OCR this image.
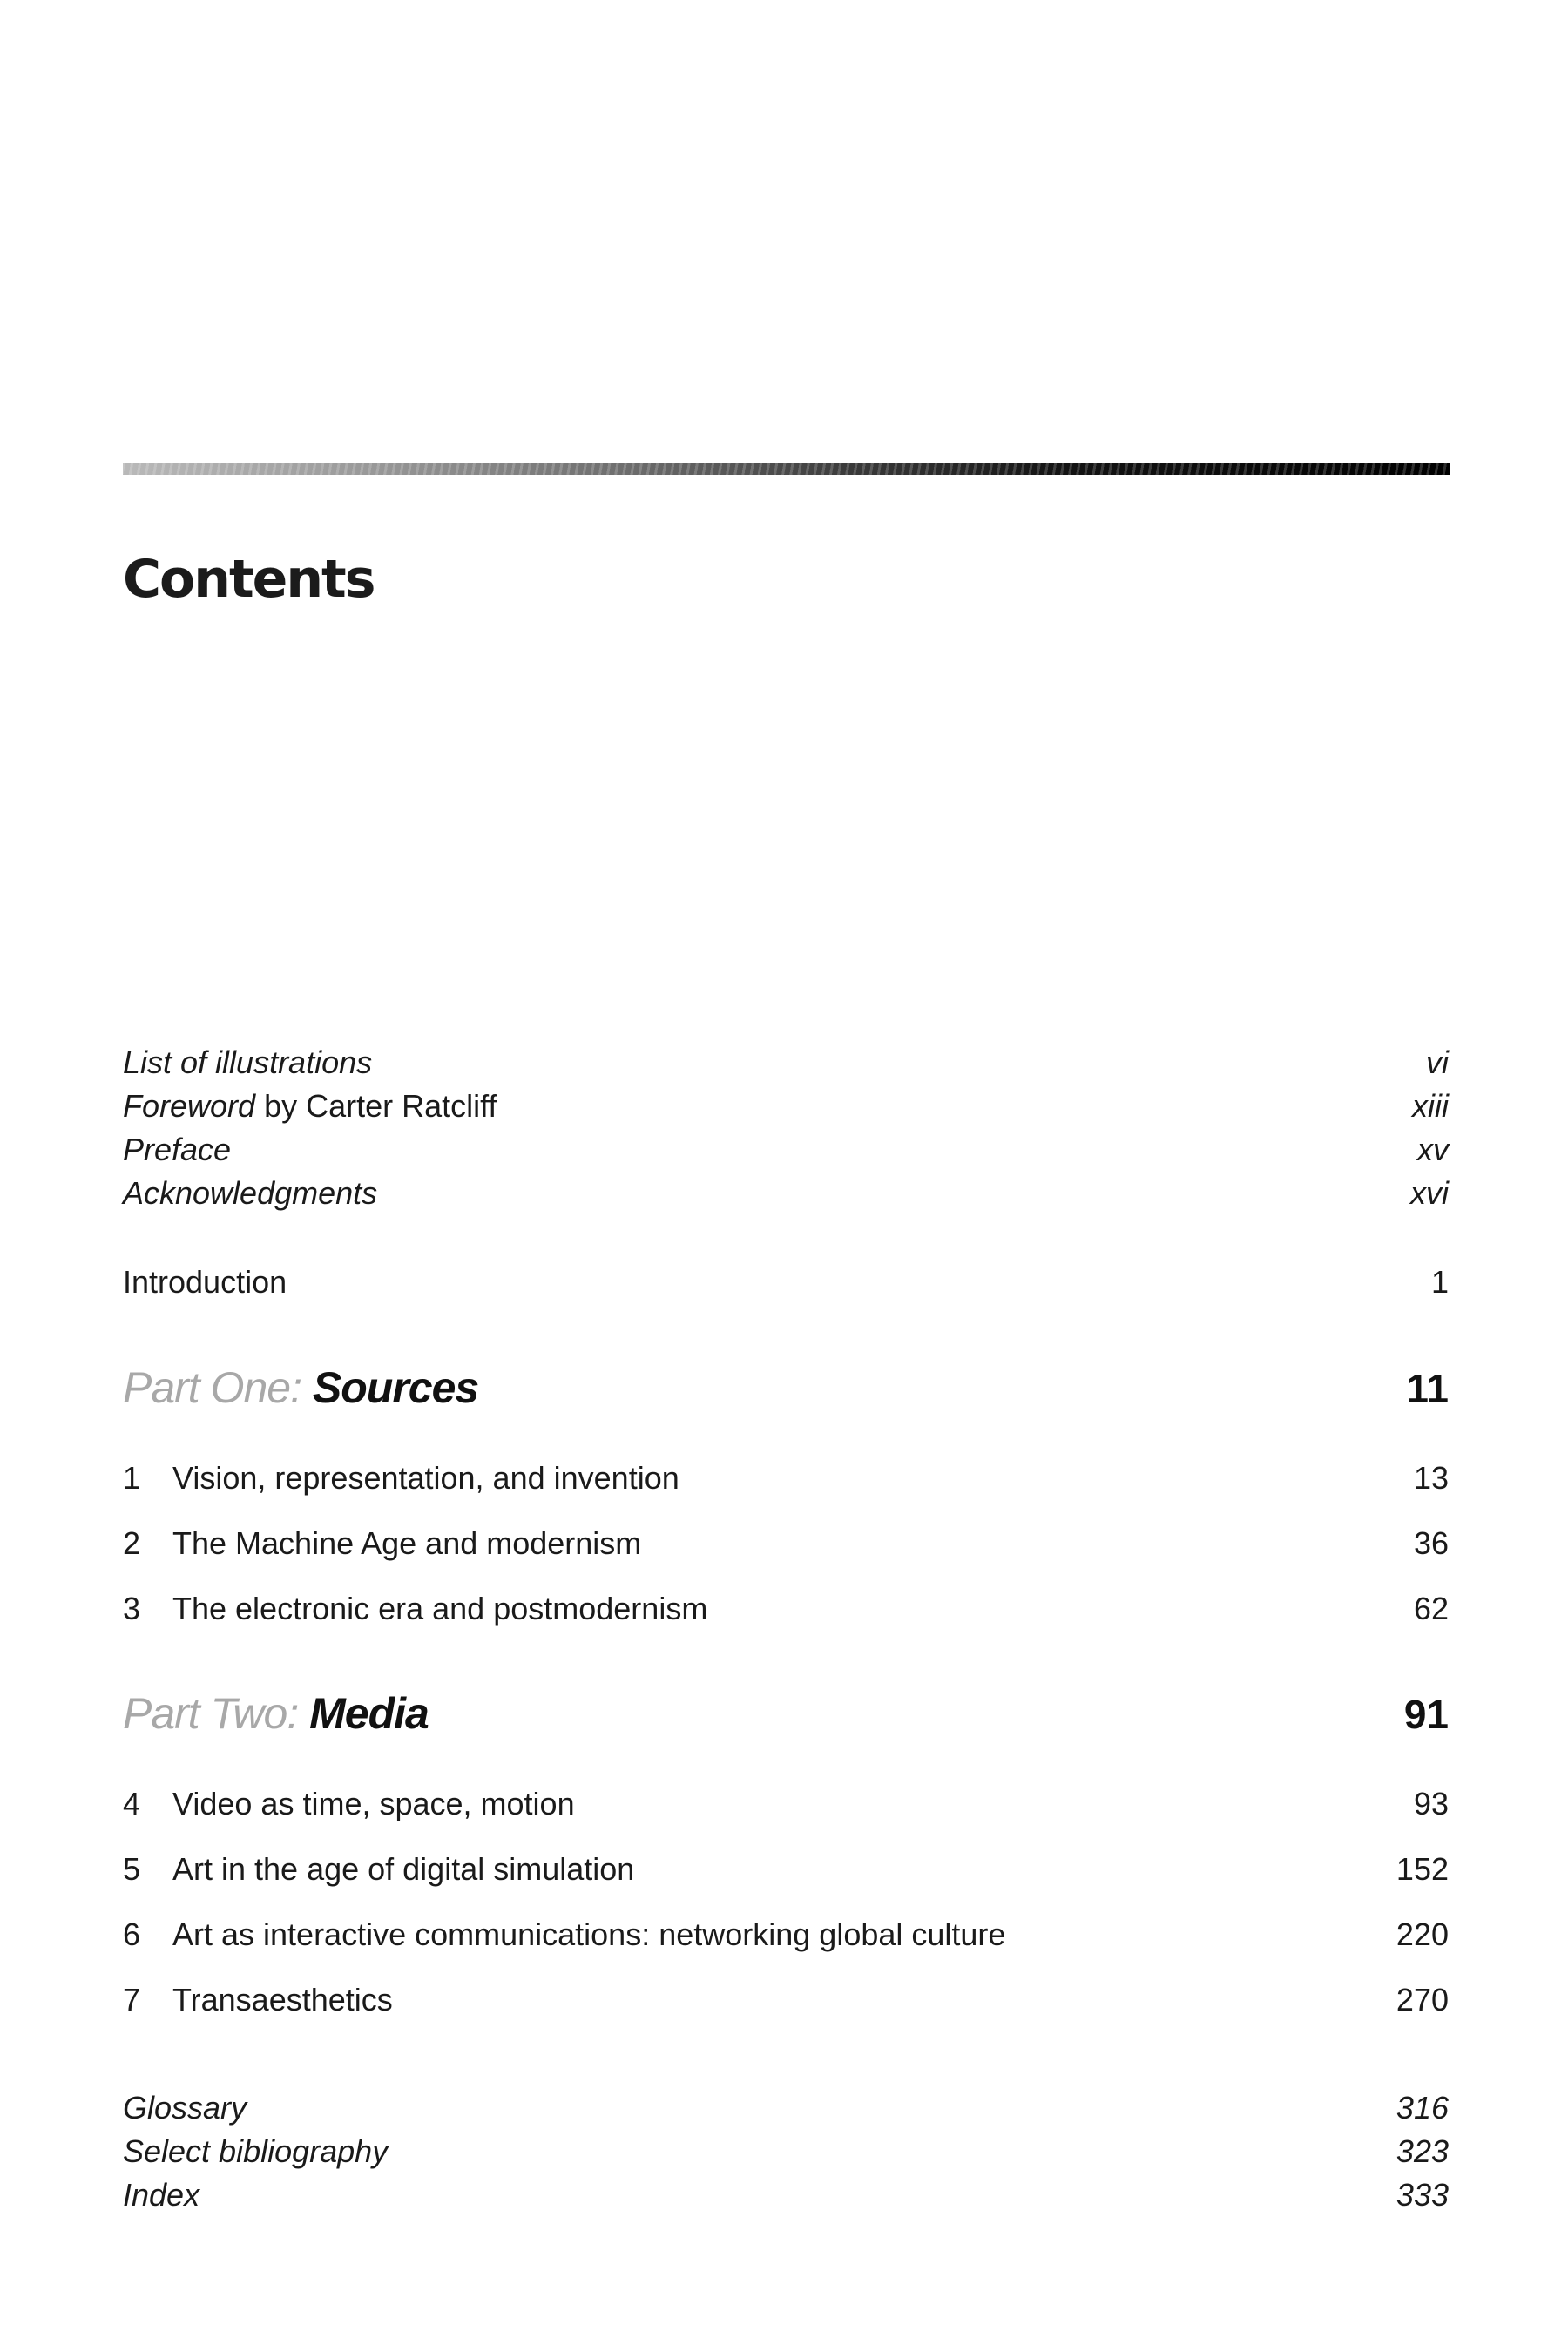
Contents
List of illustrations	vi
Foreword by Carter Ratcliff	xiii
Preface	xv
Acknowledgments	xvi
Introduction	1
Part One: Sources	11
1 Vision, representation, and invention	13
2 The Machine Age and modernism	36
3 The electronic era and postmodernism	62
Part Two: Media	91
4 Video as time, space, motion	93
5 Art in the age of digital simulation	152
6 Art as interactive communications: networking global culture	220
7 Transaesthetics	270
Glossary	316
Select bibliography	323
Index	333
